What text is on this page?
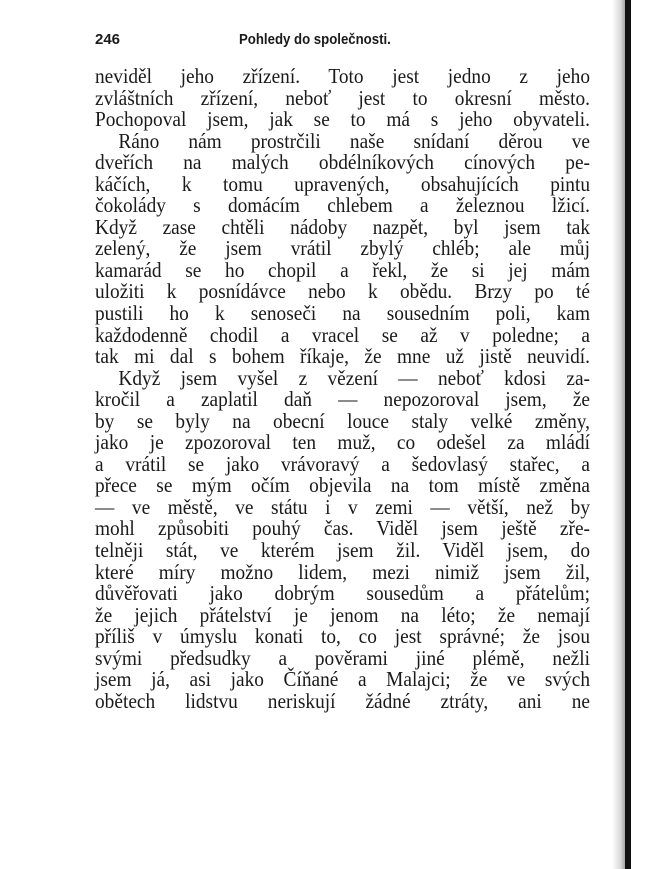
246	Pohledy do společnosti.
neviděl jeho zřízení. Toto jest jedno z jeho
zvláštních zřízení, neboť jest to okresní město.
Pochopoval jsem, jak se to má s jeho obyvateli.
Ráno nám prostrčili naše snídaní děrou ve
dveřích na malých obdélníkových cínových pe-
káčích, k tomu upravených, obsahujících pintu
čokolády s domácím chlebem a železnou lžicí.
Když zase chtěli nádoby nazpět, byl jsem tak
zelený, že jsem vrátil zbylý chléb; ale můj
kamarád se ho chopil a řekl, že si jej mám
uložiti k posnídávce nebo k obědu. Brzy po té
pustili ho k senoseči na sousedním poli, kam
každodenně chodil a vracel se až v poledne; a
tak mi dal s bohem říkaje, že mne už jistě neuvidí.
Když jsem vyšel z vězení — neboť kdosi za-
kročil a zaplatil daň — nepozoroval jsem, že
by se byly na obecní louce staly velké změny,
jako je zpozoroval ten muž, co odešel za mládí
a vrátil se jako vrávoravý a šedovlasý stařec, a
přece se mým očím objevila na tom místě změna
— ve městě, ve státu i v zemi — větší, než by
mohl způsobiti pouhý čas. Viděl jsem ještě zře-
telněji stát, ve kterém jsem žil. Viděl jsem, do
které míry možno lidem, mezi nimiž jsem žil,
důvěřovati jako dobrým sousedům a přátelům;
že jejich přátelství je jenom na léto; že nemají
příliš v úmyslu konati to, co jest správné; že jsou
svými předsudky a pověrami jiné plémě, nežli
jsem já, asi jako Číňané a Malajci; že ve svých
obětech lidstvu neriskují žádné ztráty, ani ne
